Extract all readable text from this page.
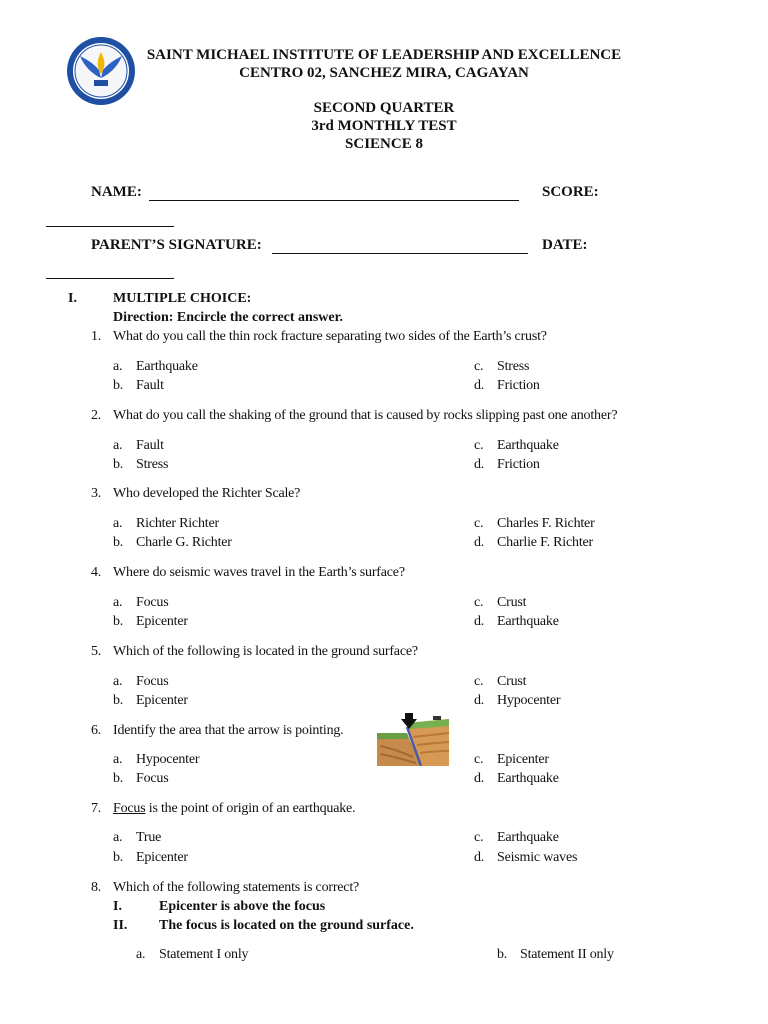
SAINT MICHAEL INSTITUTE OF LEADERSHIP AND EXCELLENCE
CENTRO 02, SANCHEZ MIRA, CAGAYAN
SECOND QUARTER
3rd MONTHLY TEST
SCIENCE 8
NAME:	SCORE:
PARENT’S SIGNATURE:	DATE:
I.	MULTIPLE CHOICE:
Direction: Encircle the correct answer.
1. What do you call the thin rock fracture separating two sides of the Earth’s crust?
a. Earthquake
b. Fault
c. Stress
d. Friction
2. What do you call the shaking of the ground that is caused by rocks slipping past one another?
a. Fault
b. Stress
c. Earthquake
d. Friction
3. Who developed the Richter Scale?
a. Richter Richter
b. Charle G. Richter
c. Charles F. Richter
d. Charlie F. Richter
4. Where do seismic waves travel in the Earth’s surface?
a. Focus
b. Epicenter
c. Crust
d. Earthquake
5. Which of the following is located in the ground surface?
a. Focus
b. Epicenter
c. Crust
d. Hypocenter
6. Identify the area that the arrow is pointing.
a. Hypocenter
b. Focus
c. Epicenter
d. Earthquake
7. Focus is the point of origin of an earthquake.
a. True
b. Epicenter
c. Earthquake
d. Seismic waves
8. Which of the following statements is correct?
I.	Epicenter is above the focus
II. The focus is located on the ground surface.
a. Statement I only	b. Statement II only
